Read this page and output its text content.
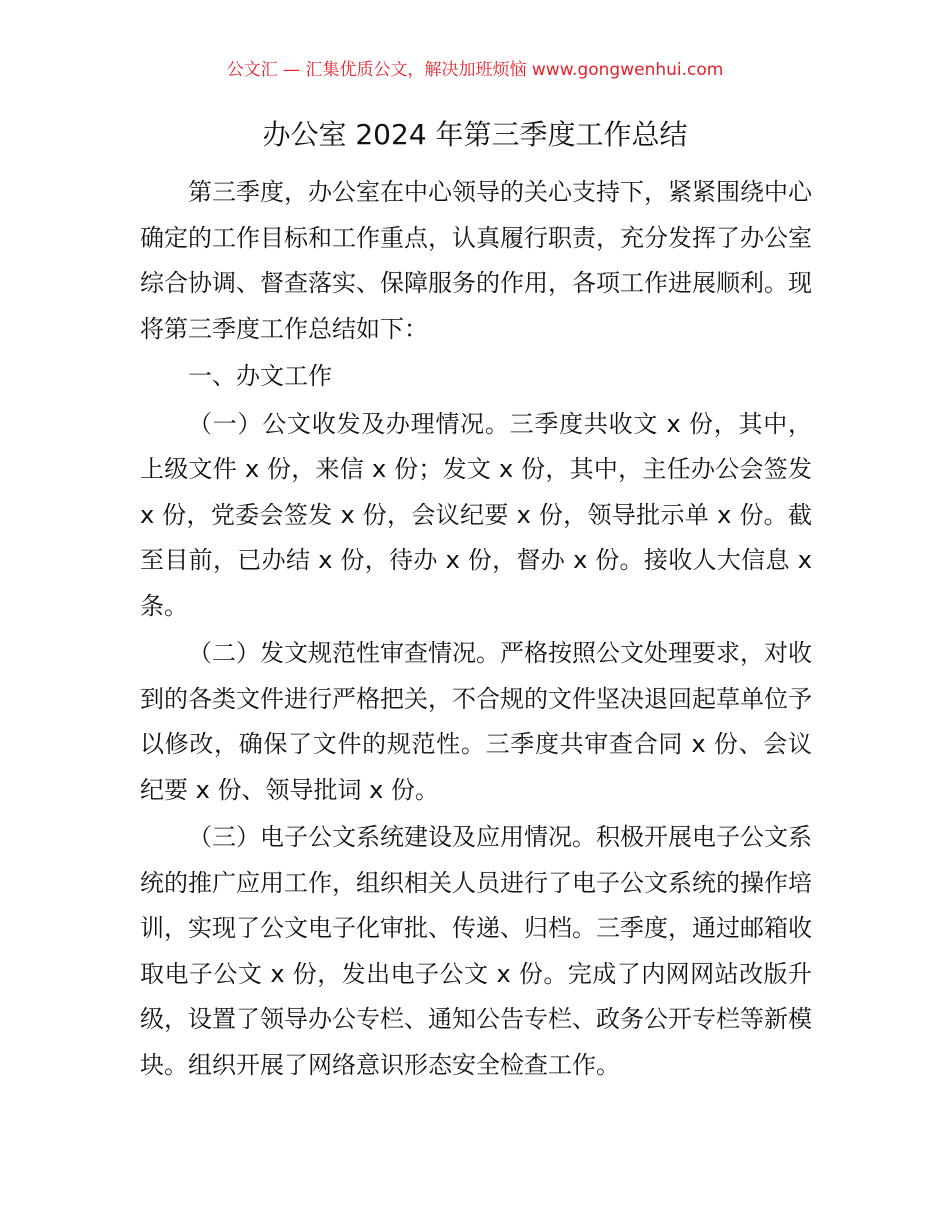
公文汇 — 汇集优质公文，解决加班烦恼 www.gongwenhui.com
办公室 2024 年第三季度工作总结

第三季度，办公室在中心领导的关心支持下，紧紧围绕中心确定的工作目标和工作重点，认真履行职责，充分发挥了办公室综合协调、督查落实、保障服务的作用，各项工作进展顺利。现将第三季度工作总结如下：

一、办文工作

（一）公文收发及办理情况。三季度共收文 x 份，其中，上级文件 x 份，来信 x 份；发文 x 份，其中，主任办公会签发 x 份，党委会签发 x 份，会议纪要 x 份，领导批示单 x 份。截至目前，已办结 x 份，待办 x 份，督办 x 份。接收人大信息 x 条。

（二）发文规范性审查情况。严格按照公文处理要求，对收到的各类文件进行严格把关，不合规的文件坚决退回起草单位予以修改，确保了文件的规范性。三季度共审查合同 x 份、会议纪要 x 份、领导批词 x 份。

（三）电子公文系统建设及应用情况。积极开展电子公文系统的推广应用工作，组织相关人员进行了电子公文系统的操作培训，实现了公文电子化审批、传递、归档。三季度，通过邮箱收取电子公文 x 份，发出电子公文 x 份。完成了内网网站改版升级，设置了领导办公专栏、通知公告专栏、政务公开专栏等新模块。组织开展了网络意识形态安全检查工作。
